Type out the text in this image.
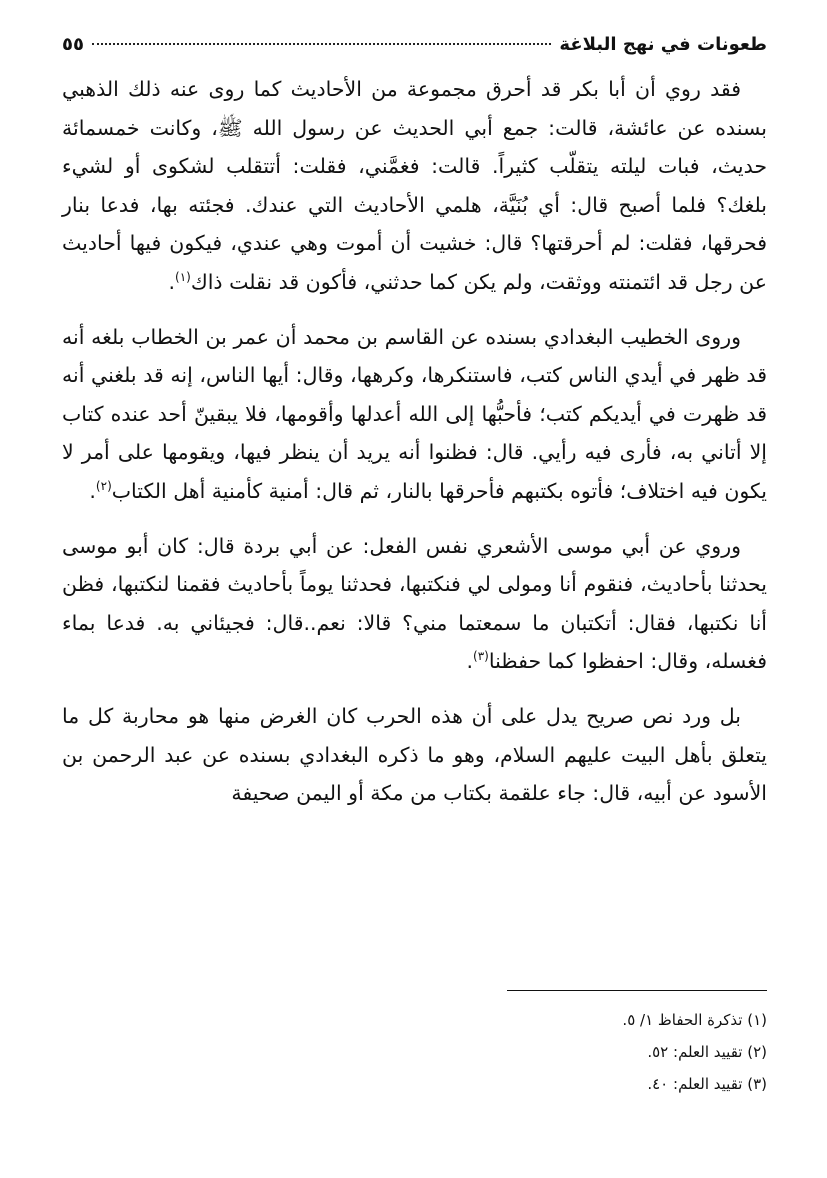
طعونات في نهج البلاغة
٥٥

فقد روي أن أبا بكر قد أحرق مجموعة من الأحاديث كما روى عنه ذلك الذهبي بسنده عن عائشة، قالت: جمع أبي الحديث عن رسول الله ﷺ، وكانت خمسمائة حديث، فبات ليلته يتقلّب كثيراً. قالت: فغمَّني، فقلت: أتتقلب لشكوى أو لشيء بلغك؟ فلما أصبح قال: أي بُنَيَّة، هلمي الأحاديث التي عندك. فجئته بها، فدعا بنار فحرقها، فقلت: لم أحرقتها؟ قال: خشيت أن أموت وهي عندي، فيكون فيها أحاديث عن رجل قد ائتمنته ووثقت، ولم يكن كما حدثني، فأكون قد نقلت ذاك$^{(١)}$.

وروى الخطيب البغدادي بسنده عن القاسم بن محمد أن عمر بن الخطاب بلغه أنه قد ظهر في أيدي الناس كتب، فاستنكرها، وكرهها، وقال: أيها الناس، إنه قد بلغني أنه قد ظهرت في أيديكم كتب؛ فأحبُّها إلى الله أعدلها وأقومها، فلا يبقينّ أحد عنده كتاب إلا أتاني به، فأرى فيه رأيي. قال: فظنوا أنه يريد أن ينظر فيها، ويقومها على أمر لا يكون فيه اختلاف؛ فأتوه بكتبهم فأحرقها بالنار، ثم قال: أمنية كأمنية أهل الكتاب$^{(٢)}$.

وروي عن أبي موسى الأشعري نفس الفعل: عن أبي بردة قال: كان أبو موسى يحدثنا بأحاديث، فنقوم أنا ومولى لي فنكتبها، فحدثنا يوماً بأحاديث فقمنا لنكتبها، فظن أنا نكتبها، فقال: أتكتبان ما سمعتما مني؟ قالا: نعم..قال: فجيئاني به. فدعا بماء فغسله، وقال: احفظوا كما حفظنا$^{(٣)}$.

بل ورد نص صريح يدل على أن هذه الحرب كان الغرض منها هو محاربة كل ما يتعلق بأهل البيت عليهم السلام، وهو ما ذكره البغدادي بسنده عن عبد الرحمن بن الأسود عن أبيه، قال: جاء علقمة بكتاب من مكة أو اليمن صحيفة

(١) تذكرة الحفاظ ١/ ٥.

(٢) تقييد العلم: ٥٢.

(٣) تقييد العلم: ٤٠.
